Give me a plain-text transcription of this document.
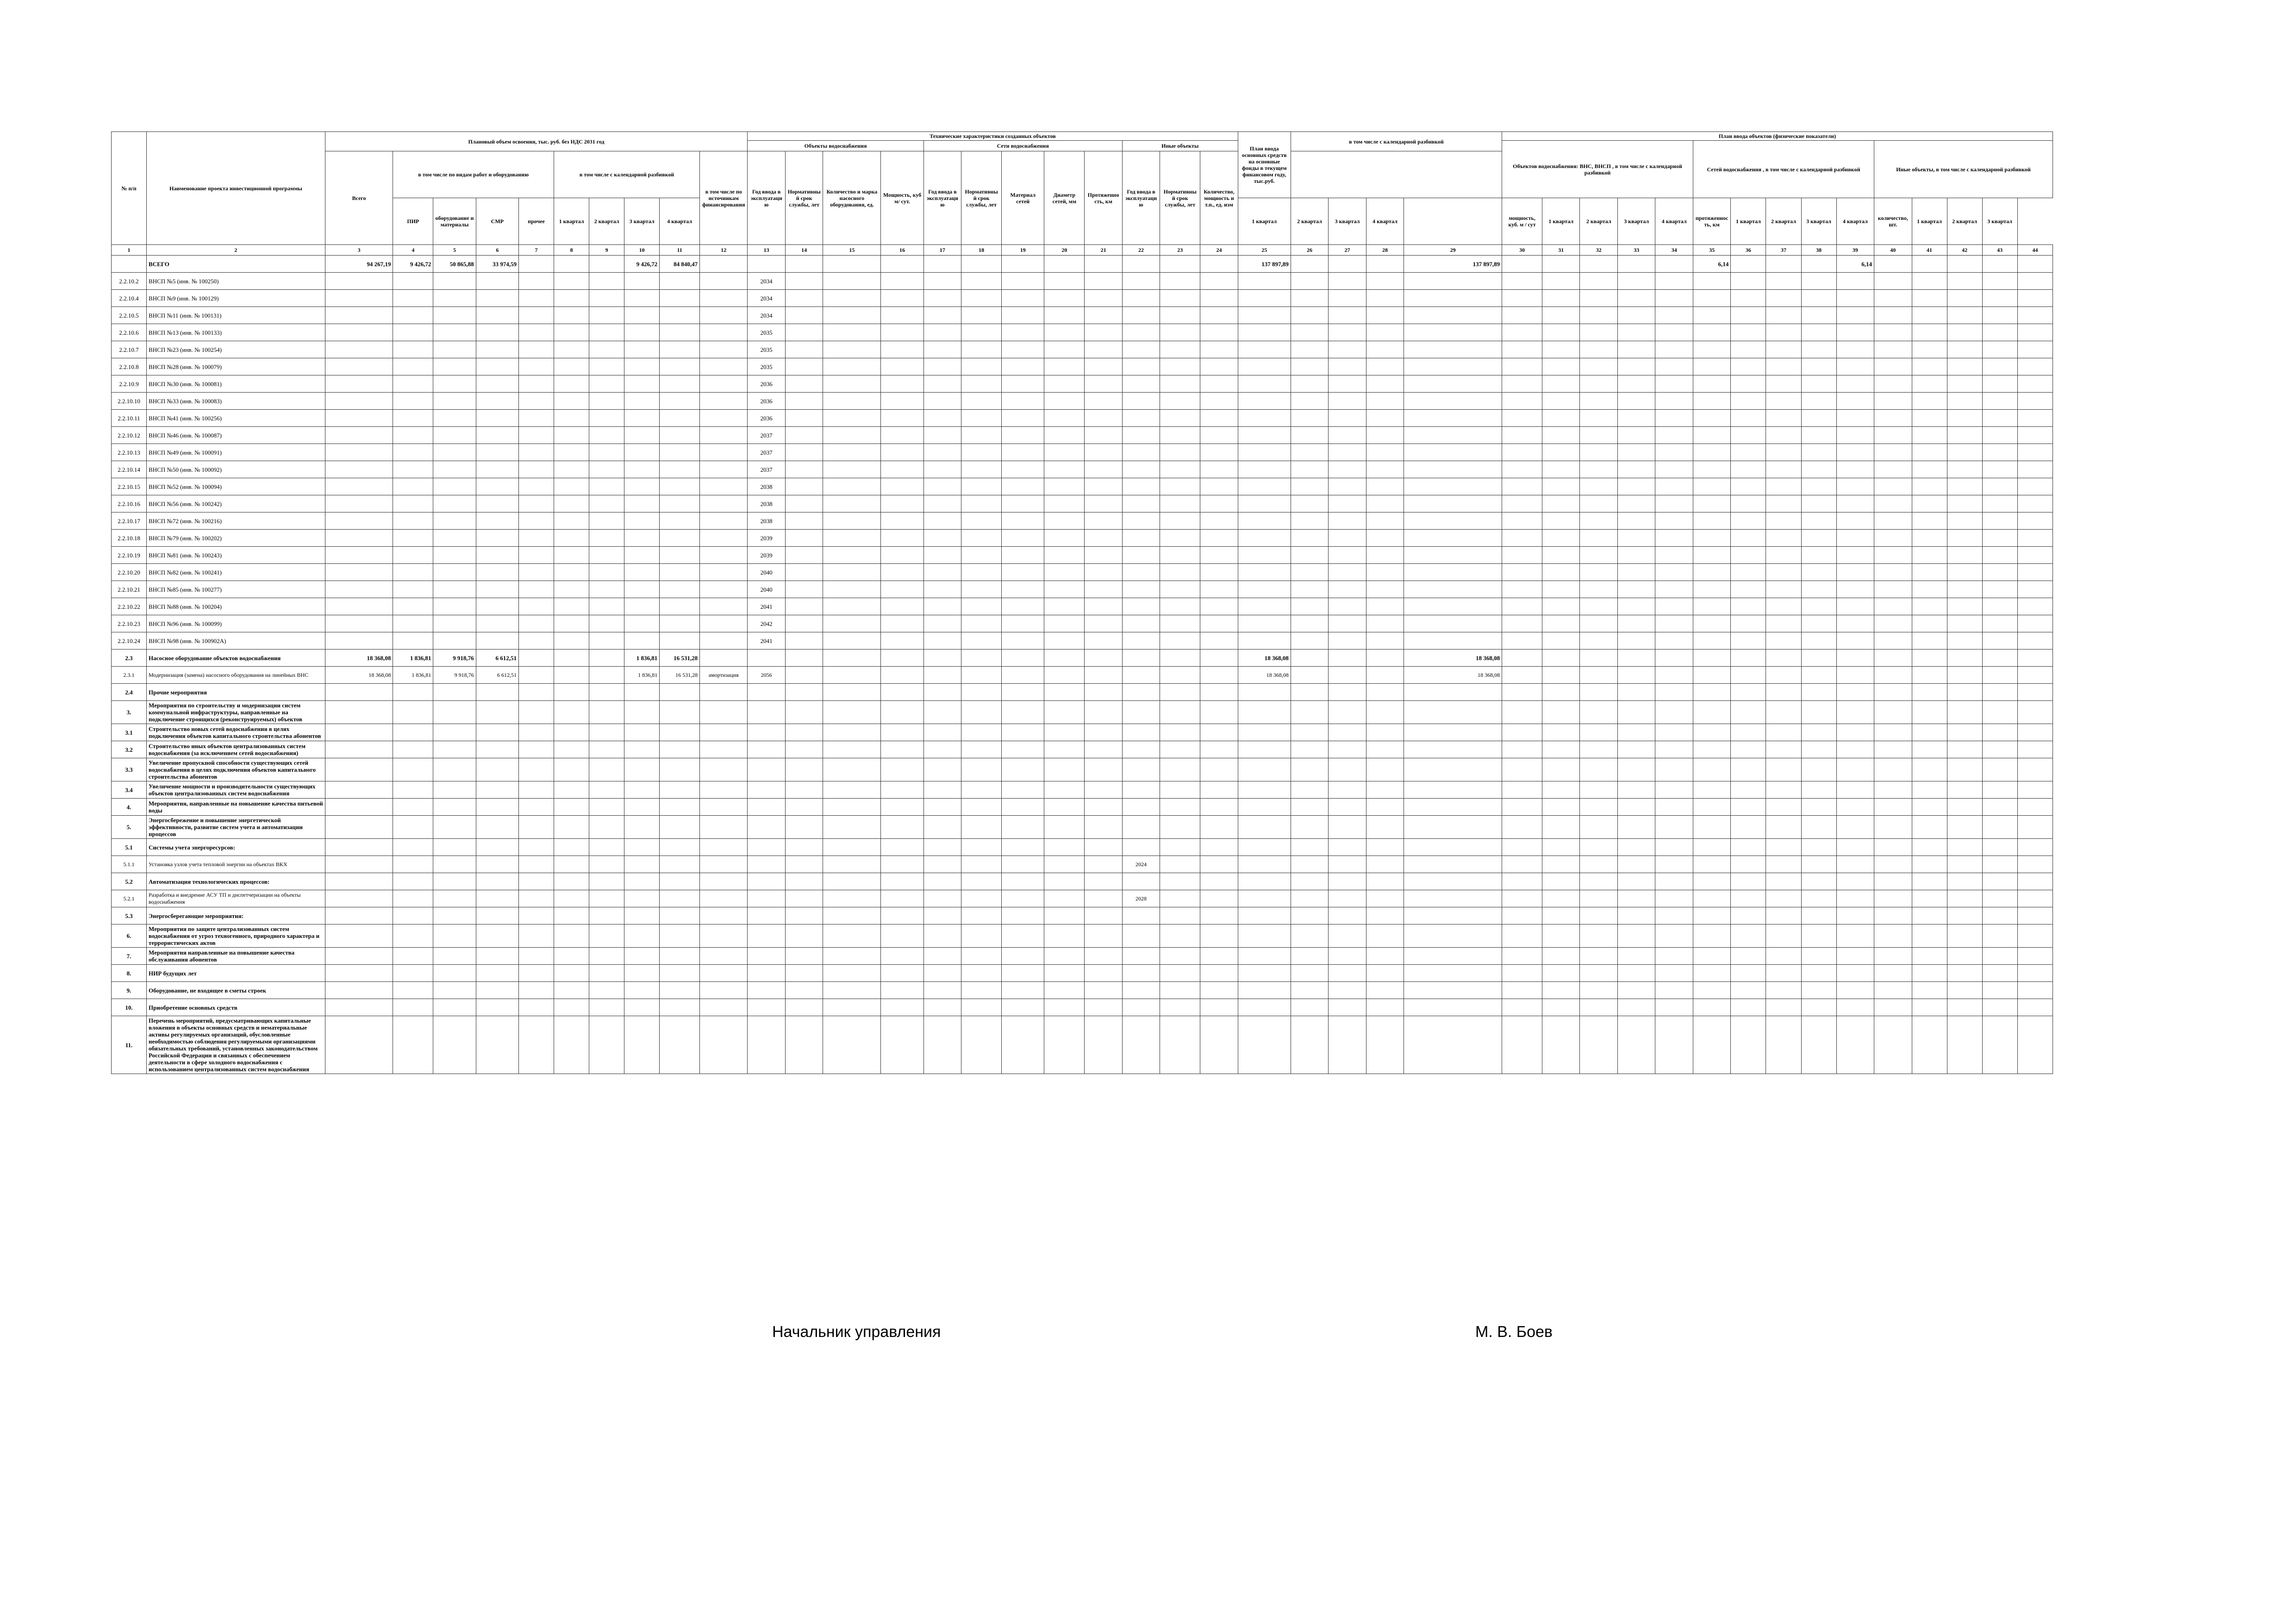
№ п/п	Наименование проекта инвестиционной программы	Плановый объем освоения, тыс. руб. без НДС 2031 год										Технические характеристики созданных объектов												План ввода основных средств на основные фонды в текущем финансовом году, тыс.руб.	в том числе с календарной разбивкой				План ввода объектов (физические показатели)														
												Объекты водоснабжения				Сети водоснабжения					Иные объекты								Объектов водоснабжения: ВНС, ВНСП , в том числе с календарной разбивкой					Сетей водоснабжения , в том числе с календарной разбивкой					Иные объекты, в том числе с календарной разбивкой				
		Всего	в том числе по видам работ и оборудованию				в том числе с календарной разбивкой				в том числе по источникам финансирования	Год ввода в эксплуатацию	Нормативный срок службы, лет	Количество и марка насосного оборудования, ед.	Мощность, куб м/ сут.	Год ввода в эксплуатацию	Нормативный срок службы, лет	Материал сетей	Диаметр сетей, мм	Протяженность, км	Год ввода в эксплуатацию	Нормативный срок службы, лет	Количество, мощность и т.п., ед. изм																				
			ПИР	оборудование и материалы	СМР	прочее	1 квартал	2 квартал	3 квартал	4 квартал														1 квартал	2 квартал	3 квартал	4 квартал		мощность, куб. м / сут	1 квартал	2 квартал	3 квартал	4 квартал	протяженность, км	1 квартал	2 квартал	3 квартал	4 квартал	количество, шт.	1 квартал	2 квартал	3 квартал	
1	2	3	4	5	6	7	8	9	10	11	12	13	14	15	16	17	18	19	20	21	22	23	24	25	26	27	28	29	30	31	32	33	34	35	36	37	38	39	40	41	42	43	44
	ВСЕГО	94 267,19	9 426,72	50 865,88	33 974,59				9 426,72	84 840,47														137 897,89				137 897,89						6,14				6,14					
2.2.10.2	ВНСП №5 (инв. № 100250)											2034																															
2.2.10.4	ВНСП №9 (инв. № 100129)											2034																															
2.2.10.5	ВНСП №11 (инв. № 100131)											2034																															
2.2.10.6	ВНСП №13 (инв. № 100133)											2035																															
2.2.10.7	ВНСП №23 (инв. № 100254)											2035																															
2.2.10.8	ВНСП №28 (инв. № 100079)											2035																															
2.2.10.9	ВНСП №30 (инв. № 100081)											2036																															
2.2.10.10	ВНСП №33 (инв. № 100083)											2036																															
2.2.10.11	ВНСП №41 (инв. № 100256)											2036																															
2.2.10.12	ВНСП №46 (инв. № 100087)											2037																															
2.2.10.13	ВНСП №49 (инв. № 100091)											2037																															
2.2.10.14	ВНСП №50 (инв. № 100092)											2037																															
2.2.10.15	ВНСП №52 (инв. № 100094)											2038																															
2.2.10.16	ВНСП №56 (инв. № 100242)											2038																															
2.2.10.17	ВНСП №72 (инв. № 100216)											2038																															
2.2.10.18	ВНСП №79 (инв. № 100202)											2039																															
2.2.10.19	ВНСП №81 (инв. № 100243)											2039																															
2.2.10.20	ВНСП №82 (инв. № 100241)											2040																															
2.2.10.21	ВНСП №85 (инв. № 100277)											2040																															
2.2.10.22	ВНСП №88 (инв. № 100204)											2041																															
2.2.10.23	ВНСП №96 (инв. № 100099)											2042																															
2.2.10.24	ВНСП №98 (инв. № 100902А)											2041																															
2.3	Насосное оборудование объектов водоснабжения	18 368,08	1 836,81	9 918,76	6 612,51				1 836,81	16 531,28														18 368,08				18 368,08															
2.3.1	Модернизация (замена) насосного оборудования на линейных ВНС	18 368,08	1 836,81	9 918,76	6 612,51				1 836,81	16 531,28	амортизация	2056												18 368,08				18 368,08															
2.4	Прочие мероприятия																																										
3.	Мероприятия по строительству и модернизации систем коммунальной инфраструктуры, направленные на подключение строящихся (реконструируемых) объектов																																										
3.1	Строительство новых сетей водоснабжения в целях подключения объектов капитального строительства абонентов																																										
3.2	Строительство иных объектов централизованных систем водоснабжения (за исключением сетей водоснабжения)																																										
3.3	Увеличение пропускной способности существующих сетей водоснабжения в целях подключения объектов капитального строительства абонентов																																										
3.4	Увеличение мощности и производительности существующих объектов централизованных систем водоснабжения																																										
4.	Мероприятия, направленные на повышение качества питьевой воды																																										
5.	Энергосбережение и повышение энергетической эффективности, развитие систем учета и автоматизации процессов																																										
5.1	Системы учета энергоресурсов:																																										
5.1.1	Установка узлов учета тепловой энергии на объектах ВКХ																				2024																						
5.2	Автоматизация технологических процессов:																																										
5.2.1	Разработка и внедрение АСУ ТП и диспетчеризации на объекты водоснабжения																				2028																						
5.3	Энергосберегающие мероприятия:																																										
6.	Мероприятия по защите централизованных систем водоснабжения от угроз техногенного, природного характера и террористических актов																																										
7.	Мероприятия направленные на повышение качества обслуживания абонентов																																										
8.	НИР будущих лет																																										
9.	Оборудование, не входящее в сметы строек																																										
10.	Приобретение основных средств																																										
11.	Перечень мероприятий, предусматривающих капитальные вложения в объекты основных средств и нематериальные активы регулируемых организаций, обусловленные необходимостью соблюдения регулируемыми организациями обязательных требований, установленных законодательством Российской Федерации и связанных с обеспечением деятельности в сфере холодного водоснабжения с использованием централизованных систем водоснабжения																																										
Начальник управления	М. В. Боев
